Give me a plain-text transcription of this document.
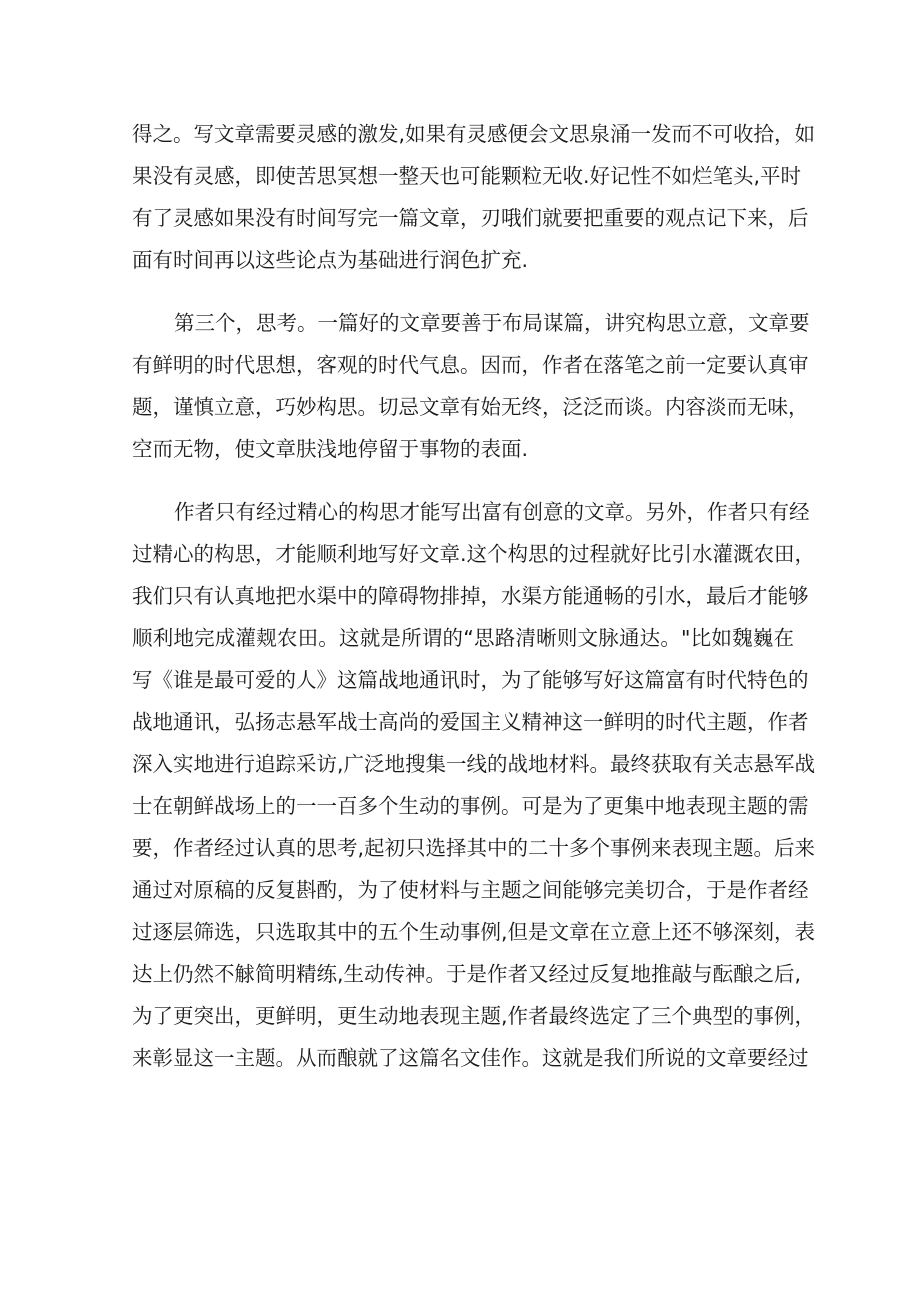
得之。写文章需要灵感的激发,如果有灵感便会文思泉涌一发而不可收拾，如
果没有灵感，即使苦思冥想一整天也可能颗粒无收.好记性不如烂笔头,平时
有了灵感如果没有时间写完一篇文章，刃哦们就要把重要的观点记下来，后
面有时间再以这些论点为基础进行润色扩充.
第三个，思考。一篇好的文章要善于布局谋篇，讲究构思立意，文章要
有鲜明的时代思想，客观的时代气息。因而，作者在落笔之前一定要认真审
题，谨慎立意，巧妙构思。切忌文章有始无终，泛泛而谈。内容淡而无味，
空而无物，使文章肤浅地停留于事物的表面.
作者只有经过精心的构思才能写出富有创意的文章。另外，作者只有经
过精心的构思，才能顺利地写好文章.这个构思的过程就好比引水灌溉农田，
我们只有认真地把水渠中的障碍物排掉，水渠方能通畅的引水，最后才能够
顺利地完成灌觌农田。这就是所谓的“思路清晰则文脉通达。"比如魏巍在
写《谁是最可爱的人》这篇战地通讯时，为了能够写好这篇富有时代特色的
战地通讯，弘扬志悬军战士高尚的爱国主义精神这一鲜明的时代主题，作者
深入实地进行追踪采访,广泛地搜集一线的战地材料。最终获取有关志悬军战
士在朝鲜战场上的一一百多个生动的事例。可是为了更集中地表现主题的需
要，作者经过认真的思考,起初只选择其中的二十多个事例来表现主题。后来
通过对原稿的反复斟酌，为了使材料与主题之间能够完美切合，于是作者经
过逐层筛选，只选取其中的五个生动事例,但是文章在立意上还不够深刻，表
达上仍然不觩简明精练,生动传神。于是作者又经过反复地推敲与酝酿之后,
为了更突出，更鲜明，更生动地表现主题,作者最终选定了三个典型的事例，
来彰显这一主题。从而酿就了这篇名文佳作。这就是我们所说的文章要经过
